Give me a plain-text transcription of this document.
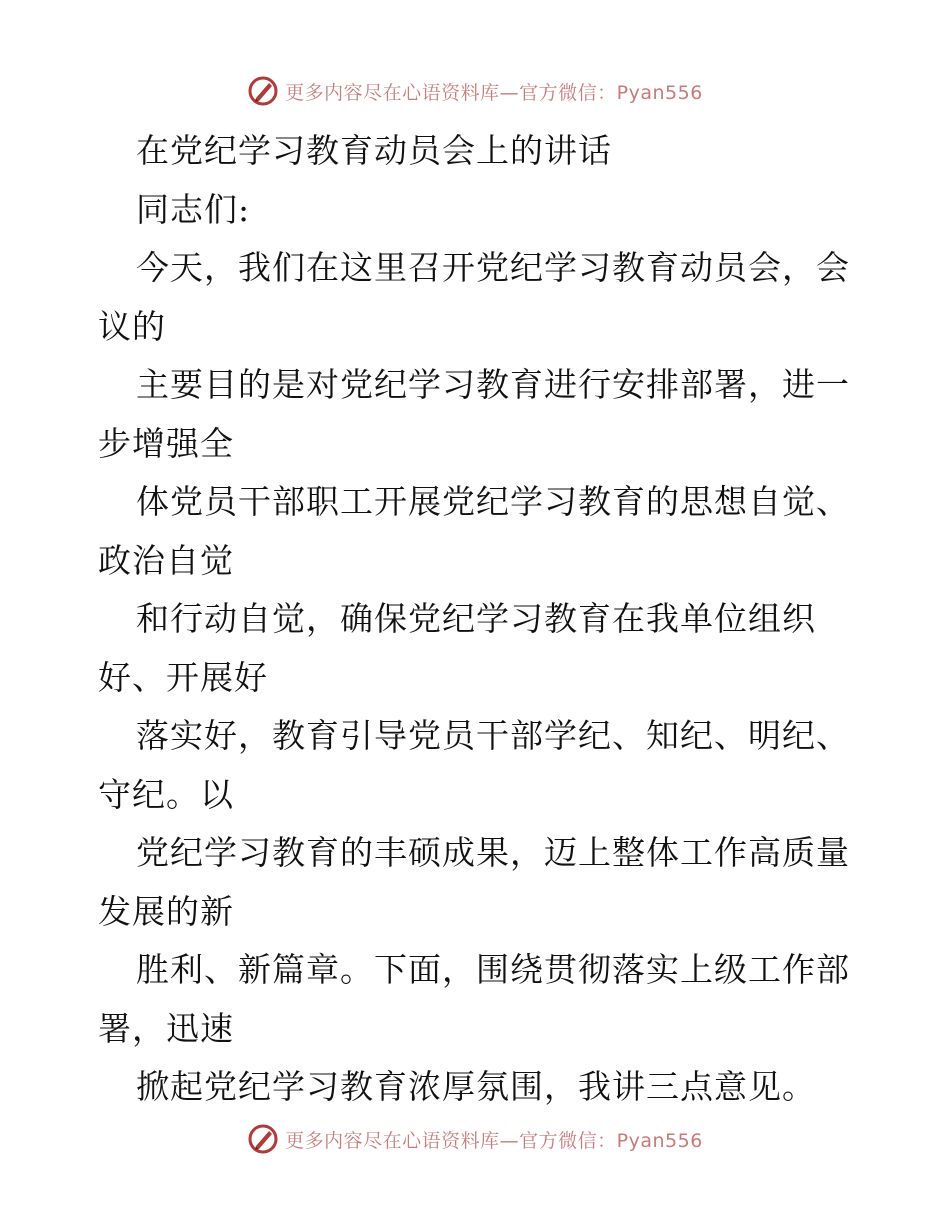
更多内容尽在心语资料库—官方微信：Pyan556
在党纪学习教育动员会上的讲话
同志们:
今天，我们在这里召开党纪学习教育动员会，会
议的
主要目的是对党纪学习教育进行安排部署，进一
步增强全
体党员干部职工开展党纪学习教育的思想自觉、
政治自觉
和行动自觉，确保党纪学习教育在我单位组织
好、开展好
落实好，教育引导党员干部学纪、知纪、明纪、
守纪。以
党纪学习教育的丰硕成果，迈上整体工作高质量
发展的新
胜利、新篇章。下面，围绕贯彻落实上级工作部
署，迅速
掀起党纪学习教育浓厚氛围，我讲三点意见。
更多内容尽在心语资料库—官方微信：Pyan556
